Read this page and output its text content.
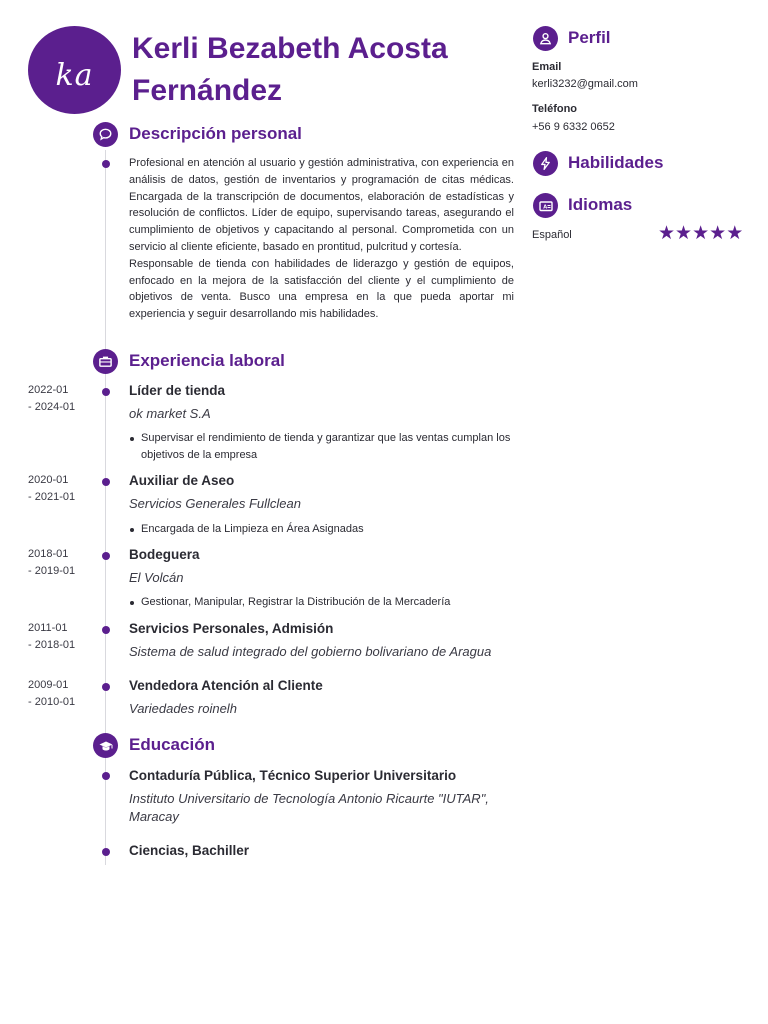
ka
Kerli Bezabeth Acosta Fernández
Descripción personal
Profesional en atención al usuario y gestión administrativa, con experiencia en análisis de datos, gestión de inventarios y programación de citas médicas. Encargada de la transcripción de documentos, elaboración de estadísticas y resolución de conflictos. Líder de equipo, supervisando tareas, asegurando el cumplimiento de objetivos y capacitando al personal. Comprometida con un servicio al cliente eficiente, basado en prontitud, pulcritud y cortesía.
Responsable de tienda con habilidades de liderazgo y gestión de equipos, enfocado en la mejora de la satisfacción del cliente y el cumplimiento de objetivos de venta. Busco una empresa en la que pueda aportar mi experiencia y seguir desarrollando mis habilidades.
Experiencia laboral
2022-01
- 2024-01
Líder de tienda
ok market S.A
Supervisar el rendimiento de tienda y garantizar que las ventas cumplan los objetivos de la empresa
2020-01
- 2021-01
Auxiliar de Aseo
Servicios Generales Fullclean
Encargada de la Limpieza en Área Asignadas
2018-01
- 2019-01
Bodeguera
El Volcán
Gestionar, Manipular, Registrar la Distribución de la Mercadería
2011-01
- 2018-01
Servicios Personales, Admisión
Sistema de salud integrado del gobierno bolivariano de Aragua
2009-01
- 2010-01
Vendedora Atención al Cliente
Variedades roinelh
Educación
Contaduría Pública, Técnico Superior Universitario
Instituto Universitario de Tecnología Antonio Ricaurte "IUTAR", Maracay
Ciencias, Bachiller
Perfil
Email
kerli3232@gmail.com
Teléfono
+56 9 6332 0652
Habilidades
A Idiomas
Español	★★★★★
